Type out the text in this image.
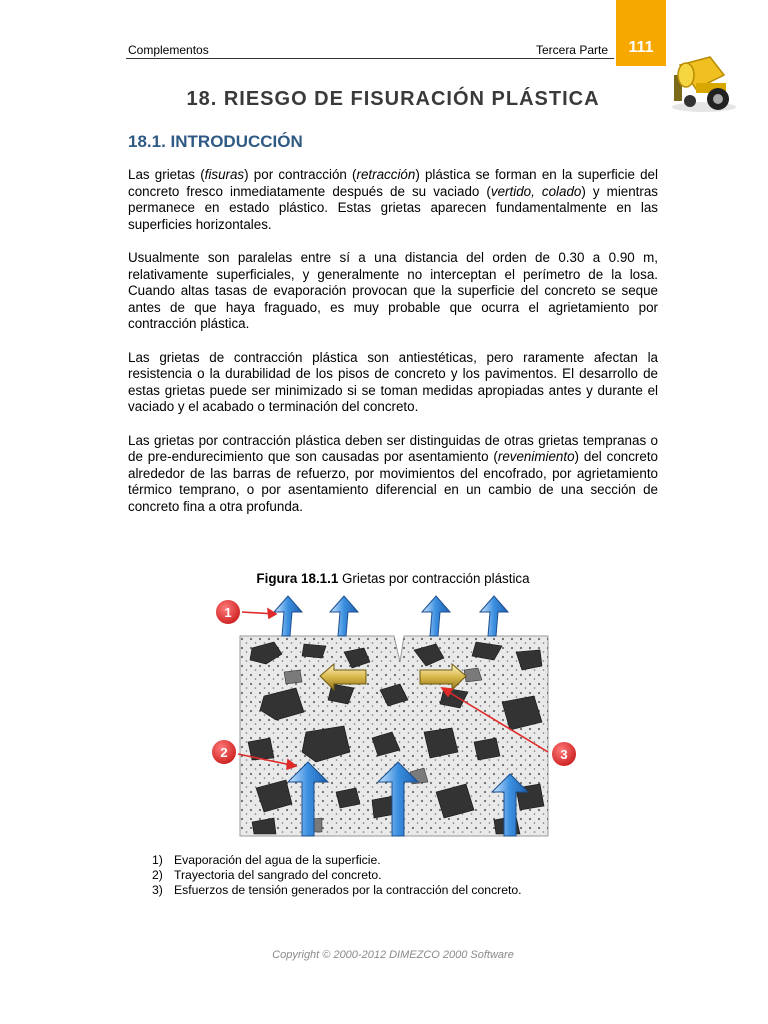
Complementos	Tercera Parte	111
18. RIESGO DE FISURACIÓN PLÁSTICA
18.1. INTRODUCCIÓN

Las grietas (fisuras) por contracción (retracción) plástica se forman en la superficie del concreto fresco inmediatamente después de su vaciado (vertido, colado) y mientras permanece en estado plástico. Estas grietas aparecen fundamentalmente en las superficies horizontales.

Usualmente son paralelas entre sí a una distancia del orden de 0.30 a 0.90 m, relativamente superficiales, y generalmente no interceptan el perímetro de la losa. Cuando altas tasas de evaporación provocan que la superficie del concreto se seque antes de que haya fraguado, es muy probable que ocurra el agrietamiento por contracción plástica.

Las grietas de contracción plástica son antiestéticas, pero raramente afectan la resistencia o la durabilidad de los pisos de concreto y los pavimentos. El desarrollo de estas grietas puede ser minimizado si se toman medidas apropiadas antes y durante el vaciado y el acabado o terminación del concreto.

Las grietas por contracción plástica deben ser distinguidas de otras grietas tempranas o de pre-endurecimiento que son causadas por asentamiento (revenimiento) del concreto alrededor de las barras de refuerzo, por movimientos del encofrado, por agrietamiento térmico temprano, o por asentamiento diferencial en un cambio de una sección de concreto fina a otra profunda.

Figura 18.1.1 Grietas por contracción plástica
1
2	3
1) Evaporación del agua de la superficie.
2) Trayectoria del sangrado del concreto.
3) Esfuerzos de tensión generados por la contracción del concreto.
Copyright © 2000-2012 DIMEZCO 2000 Software
